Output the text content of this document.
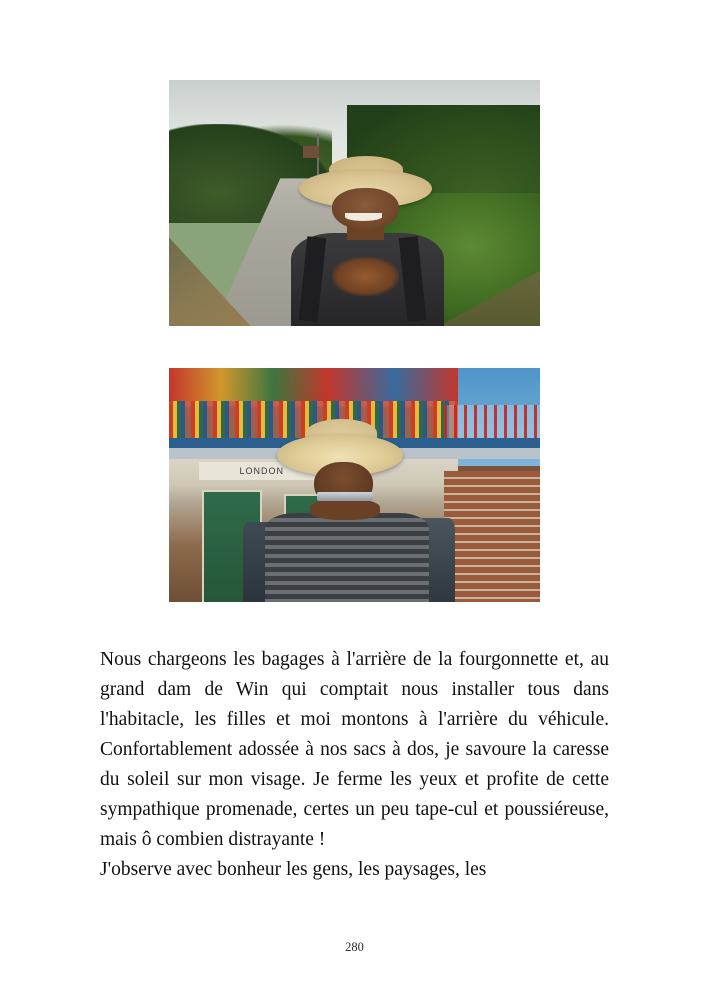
LONDON

Nous chargeons les bagages à l'arrière de la fourgonnette et, au grand dam de Win qui comptait nous installer tous dans l'habitacle, les filles et moi montons à l'arrière du véhicule. Confortablement adossée à nos sacs à dos, je savoure la caresse du soleil sur mon visage. Je ferme les yeux et profite de cette sympathique promenade, certes un peu tape-cul et poussiéreuse, mais ô combien distrayante !

J'observe avec bonheur les gens, les paysages, les

280
